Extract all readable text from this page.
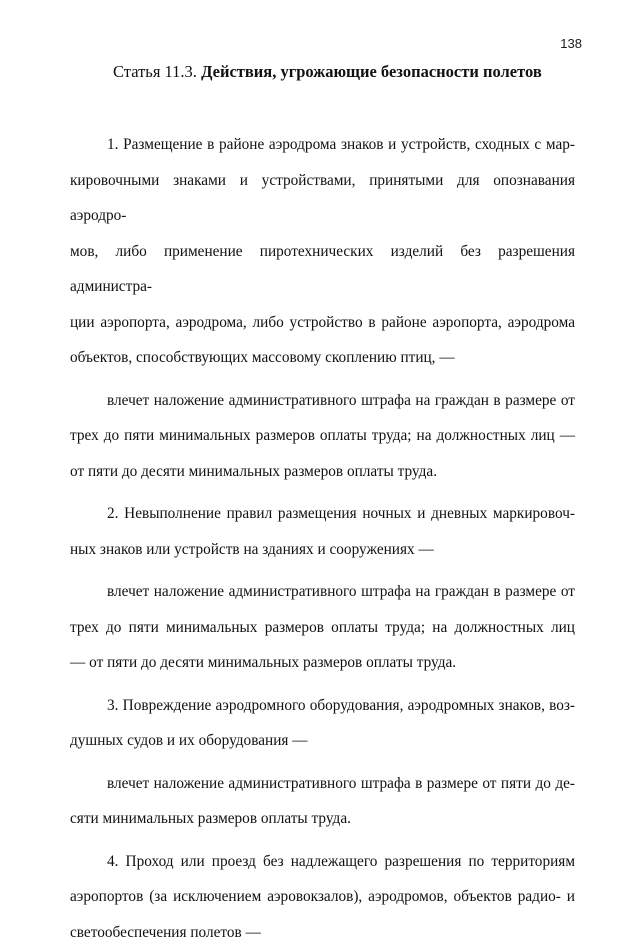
138
Статья 11.3. Действия, угрожающие безопасности полетов
1. Размещение в районе аэродрома знаков и устройств, сходных с мар-
кировочными знаками и устройствами, принятыми для опознавания аэродро-
мов, либо применение пиротехнических изделий без разрешения администра-
ции аэропорта, аэродрома, либо устройство в районе аэропорта, аэродрома
объектов, способствующих массовому скоплению птиц, —
влечет наложение административного штрафа на граждан в размере от
трех до пяти минимальных размеров оплаты труда; на должностных лиц —
от пяти до десяти минимальных размеров оплаты труда.
2. Невыполнение правил размещения ночных и дневных маркировоч-
ных знаков или устройств на зданиях и сооружениях —
влечет наложение административного штрафа на граждан в размере от
трех до пяти минимальных размеров оплаты труда; на должностных лиц
— от пяти до десяти минимальных размеров оплаты труда.
3. Повреждение аэродромного оборудования, аэродромных знаков, воз-
душных судов и их оборудования —
влечет наложение административного штрафа в размере от пяти до де-
сяти минимальных размеров оплаты труда.
4. Проход или проезд без надлежащего разрешения по территориям
аэропортов (за исключением аэровокзалов), аэродромов, объектов радио- и
светообеспечения полетов —
